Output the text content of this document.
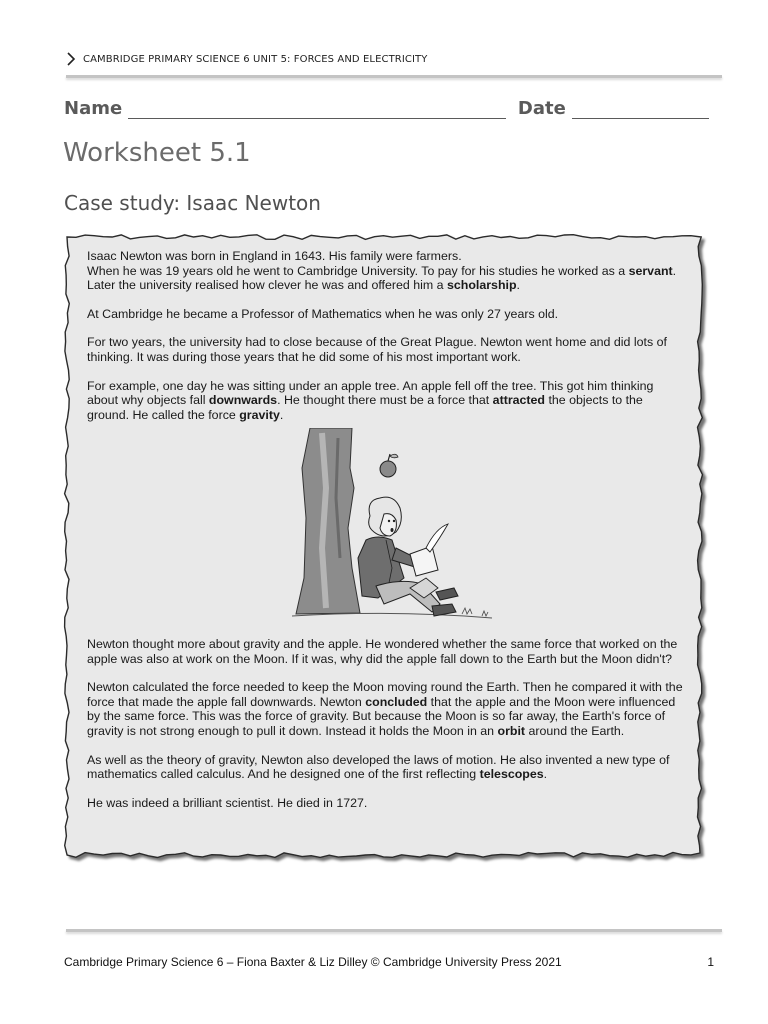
CAMBRIDGE PRIMARY SCIENCE 6 UNIT 5: FORCES AND ELECTRICITY
Name	Date
Worksheet 5.1
Case study: Isaac Newton

Isaac Newton was born in England in 1643. His family were farmers.
When he was 19 years old he went to Cambridge University. To pay for his studies he worked as a servant. Later the university realised how clever he was and offered him a scholarship.

At Cambridge he became a Professor of Mathematics when he was only 27 years old.

For two years, the university had to close because of the Great Plague. Newton went home and did lots of thinking. It was during those years that he did some of his most important work.

For example, one day he was sitting under an apple tree. An apple fell off the tree. This got him thinking about why objects fall downwards. He thought there must be a force that attracted the objects to the ground. He called the force gravity.

Newton thought more about gravity and the apple. He wondered whether the same force that worked on the apple was also at work on the Moon. If it was, why did the apple fall down to the Earth but the Moon didn't?

Newton calculated the force needed to keep the Moon moving round the Earth. Then he compared it with the force that made the apple fall downwards. Newton concluded that the apple and the Moon were influenced by the same force. This was the force of gravity. But because the Moon is so far away, the Earth's force of gravity is not strong enough to pull it down. Instead it holds the Moon in an orbit around the Earth.

As well as the theory of gravity, Newton also developed the laws of motion. He also invented a new type of mathematics called calculus. And he designed one of the first reflecting telescopes.

He was indeed a brilliant scientist. He died in 1727.

Cambridge Primary Science 6 – Fiona Baxter & Liz Dilley © Cambridge University Press 2021	1
